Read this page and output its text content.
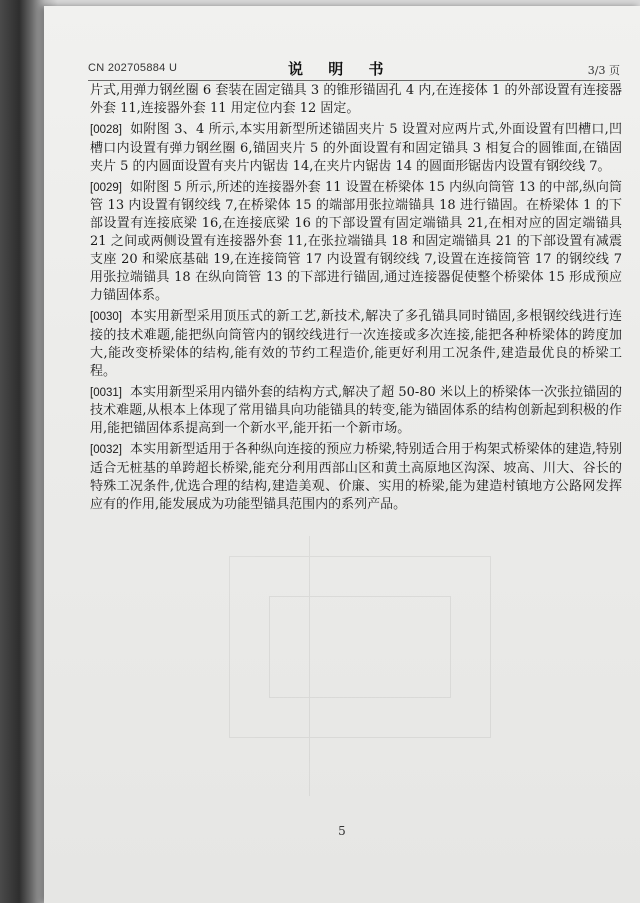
CN 202705884 U	说 明 书	3/3 页

片式,用弹力钢丝圈 6 套装在固定锚具 3 的锥形锚固孔 4 内,在连接体 1 的外部设置有连接器外套 11,连接器外套 11 用定位内套 12 固定。

[0028] 如附图 3、4 所示,本实用新型所述锚固夹片 5 设置对应两片式,外面设置有凹槽口,凹槽口内设置有弹力钢丝圈 6,锚固夹片 5 的外面设置有和固定锚具 3 相复合的圆锥面,在锚固夹片 5 的内圆面设置有夹片内锯齿 14,在夹片内锯齿 14 的圆面形锯齿内设置有钢绞线 7。

[0029] 如附图 5 所示,所述的连接器外套 11 设置在桥梁体 15 内纵向筒管 13 的中部,纵向筒管 13 内设置有钢绞线 7,在桥梁体 15 的端部用张拉端锚具 18 进行锚固。在桥梁体 1 的下部设置有连接底梁 16,在连接底梁 16 的下部设置有固定端锚具 21,在相对应的固定端锚具 21 之间或两侧设置有连接器外套 11,在张拉端锚具 18 和固定端锚具 21 的下部设置有减震支座 20 和梁底基础 19,在连接筒管 17 内设置有钢绞线 7,设置在连接筒管 17 的钢绞线 7 用张拉端锚具 18 在纵向筒管 13 的下部进行锚固,通过连接器促使整个桥梁体 15 形成预应力锚固体系。

[0030] 本实用新型采用顶压式的新工艺,新技术,解决了多孔锚具同时锚固,多根钢绞线进行连接的技术难题,能把纵向筒管内的钢绞线进行一次连接或多次连接,能把各种桥梁体的跨度加大,能改变桥梁体的结构,能有效的节约工程造价,能更好利用工况条件,建造最优良的桥梁工程。

[0031] 本实用新型采用内锚外套的结构方式,解决了超 50-80 米以上的桥梁体一次张拉锚固的技术难题,从根本上体现了常用锚具向功能锚具的转变,能为锚固体系的结构创新起到积极的作用,能把锚固体系提高到一个新水平,能开拓一个新市场。

[0032] 本实用新型适用于各种纵向连接的预应力桥梁,特别适合用于构架式桥梁体的建造,特别适合无桩基的单跨超长桥梁,能充分利用西部山区和黄土高原地区沟深、坡高、川大、谷长的特殊工况条件,优选合理的结构,建造美观、价廉、实用的桥梁,能为建造村镇地方公路网发挥应有的作用,能发展成为功能型锚具范围内的系列产品。

5
